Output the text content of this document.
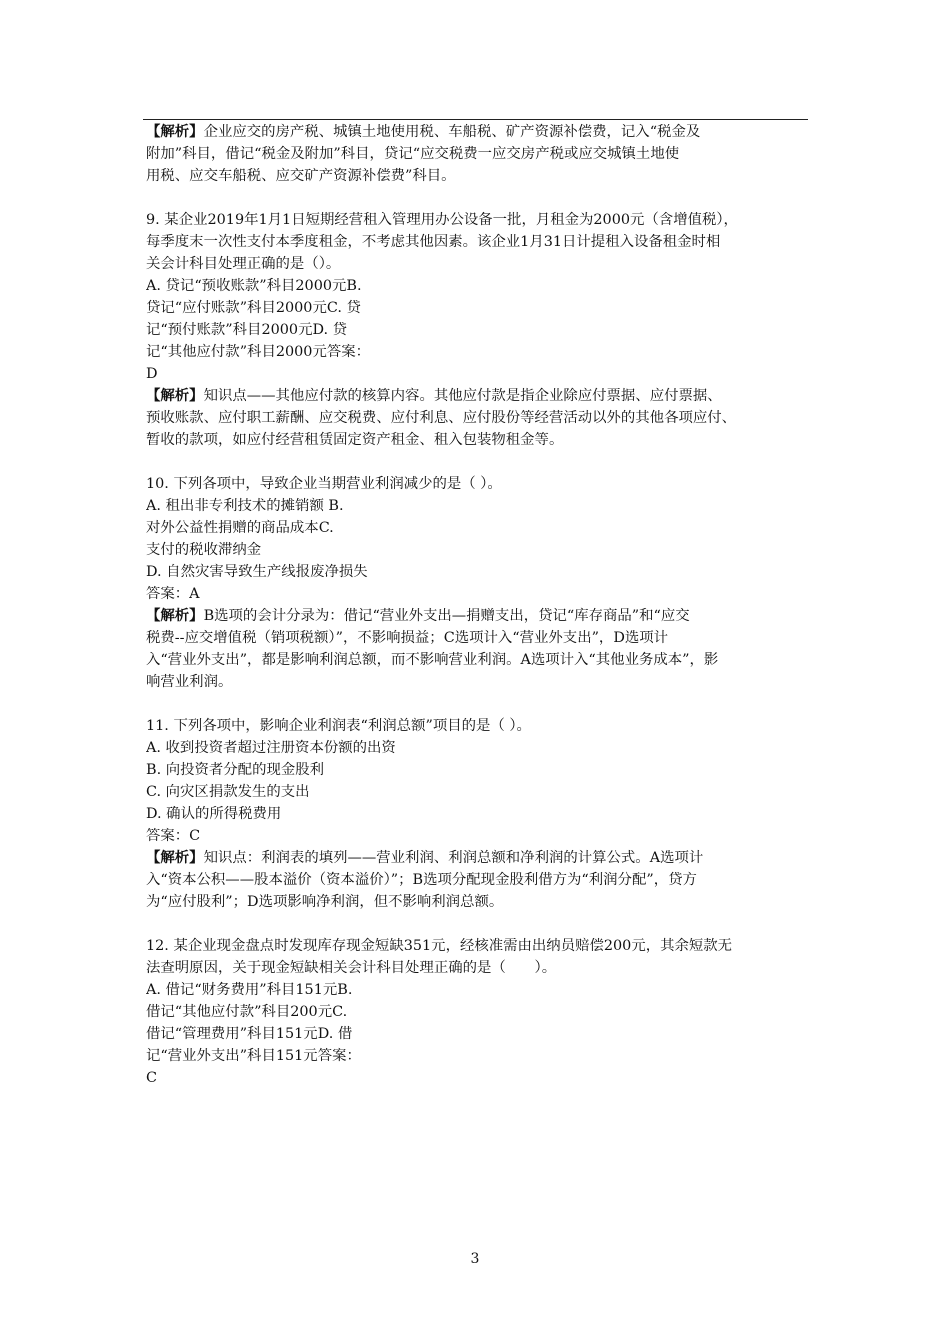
【解析】企业应交的房产税、城镇土地使用税、车船税、矿产资源补偿费，记入“税金及
附加”科目，借记“税金及附加”科目，贷记“应交税费一应交房产税或应交城镇土地使
用税、应交车船税、应交矿产资源补偿费”科目。
9. 某企业2019年1月1日短期经营租入管理用办公设备一批，月租金为2000元（含增值税），
每季度末一次性支付本季度租金，不考虑其他因素。该企业1月31日计提租入设备租金时相
关会计科目处理正确的是（）。
A. 贷记“预收账款”科目2000元B.
贷记“应付账款”科目2000元C. 贷
记“预付账款”科目2000元D. 贷
记“其他应付款”科目2000元答案：
D
【解析】知识点——其他应付款的核算内容。其他应付款是指企业除应付票据、应付票据、
预收账款、应付职工薪酬、应交税费、应付利息、应付股份等经营活动以外的其他各项应付、
暂收的款项，如应付经营租赁固定资产租金、租入包装物租金等。
10. 下列各项中，导致企业当期营业利润减少的是（ ）。
A. 租出非专利技术的摊销额 B.
对外公益性捐赠的商品成本C.
支付的税收滞纳金
D. 自然灾害导致生产线报废净损失
答案：A
【解析】B选项的会计分录为：借记“营业外支出—捐赠支出，贷记“库存商品”和“应交
税费--应交增值税（销项税额）”，不影响损益；C选项计入“营业外支出”，D选项计
入“营业外支出”，都是影响利润总额，而不影响营业利润。A选项计入“其他业务成本”，影
响营业利润。
11. 下列各项中，影响企业利润表“利润总额”项目的是（ ）。
A. 收到投资者超过注册资本份额的出资
B. 向投资者分配的现金股利
C. 向灾区捐款发生的支出
D. 确认的所得税费用
答案：C
【解析】知识点：利润表的填列——营业利润、利润总额和净利润的计算公式。A选项计
入“资本公积——股本溢价（资本溢价）”；B选项分配现金股利借方为“利润分配”，贷方
为“应付股利”；D选项影响净利润，但不影响利润总额。
12. 某企业现金盘点时发现库存现金短缺351元，经核准需由出纳员赔偿200元，其余短款无
法查明原因，关于现金短缺相关会计科目处理正确的是（　　）。
A. 借记“财务费用”科目151元B.
借记“其他应付款”科目200元C.
借记“管理费用”科目151元D. 借
记“营业外支出”科目151元答案：
C
3
